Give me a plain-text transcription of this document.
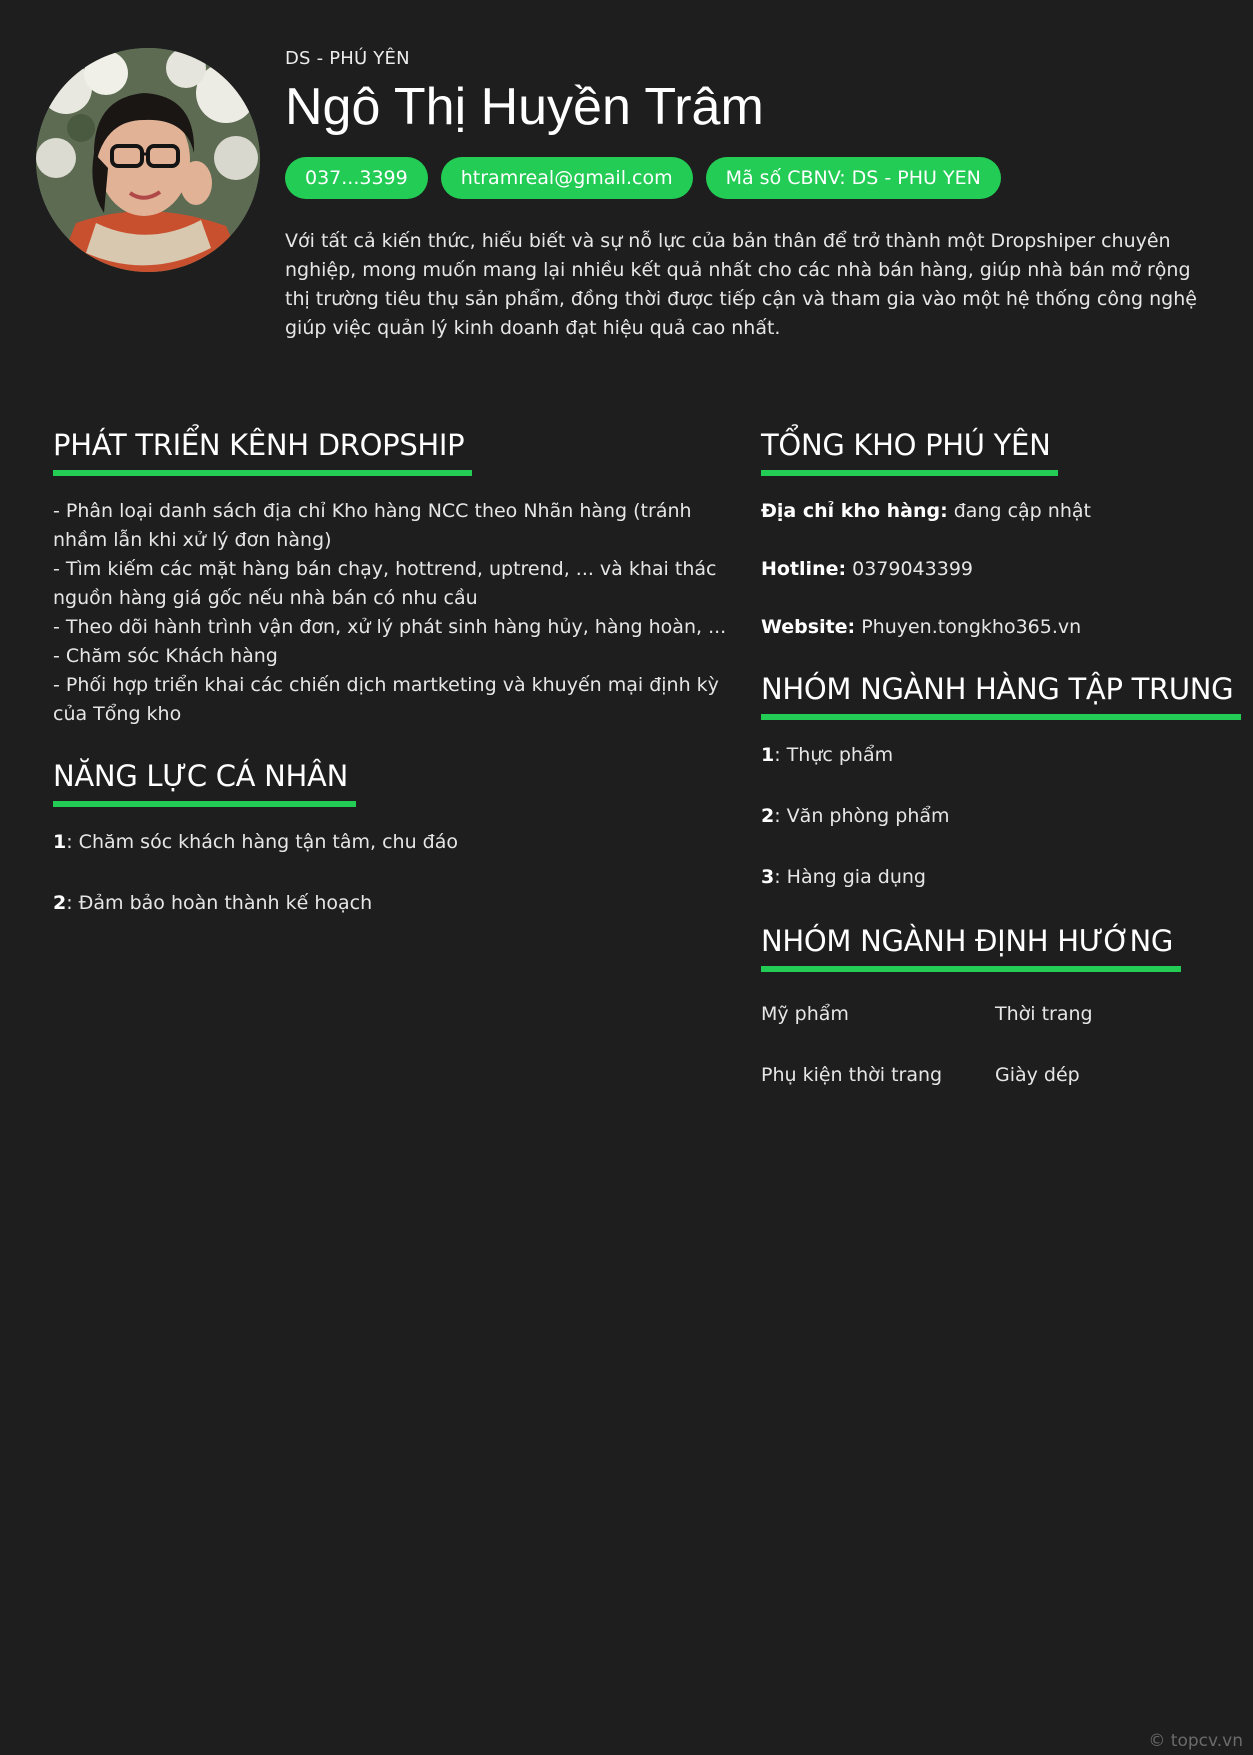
DS - PHÚ YÊN
Ngô Thị Huyền Trâm
037...3399	htramreal@gmail.com	Mã số CBNV: DS - PHU YEN
Với tất cả kiến thức, hiểu biết và sự nỗ lực của bản thân để trở thành một Dropshiper chuyên nghiệp, mong muốn mang lại nhiều kết quả nhất cho các nhà bán hàng, giúp nhà bán mở rộng thị trường tiêu thụ sản phẩm, đồng thời được tiếp cận và tham gia vào một hệ thống công nghệ giúp việc quản lý kinh doanh đạt hiệu quả cao nhất.
PHÁT TRIỂN KÊNH DROPSHIP

- Phân loại danh sách địa chỉ Kho hàng NCC theo Nhãn hàng (tránh nhầm lẫn khi xử lý đơn hàng)

- Tìm kiếm các mặt hàng bán chạy, hottrend, uptrend, ... và khai thác nguồn hàng giá gốc nếu nhà bán có nhu cầu

- Theo dõi hành trình vận đơn, xử lý phát sinh hàng hủy, hàng hoàn, ...

- Chăm sóc Khách hàng

- Phối hợp triển khai các chiến dịch martketing và khuyến mại định kỳ của Tổng kho

NĂNG LỰC CÁ NHÂN
1: Chăm sóc khách hàng tận tâm, chu đáo
2: Đảm bảo hoàn thành kế hoạch
TỔNG KHO PHÚ YÊN
Địa chỉ kho hàng: đang cập nhật
Hotline: 0379043399
Website: Phuyen.tongkho365.vn
NHÓM NGÀNH HÀNG TẬP TRUNG
1: Thực phẩm
2: Văn phòng phẩm
3: Hàng gia dụng
NHÓM NGÀNH ĐỊNH HƯỚNG
Mỹ phẩm	Thời trang
Phụ kiện thời trang	Giày dép
© topcv.vn
